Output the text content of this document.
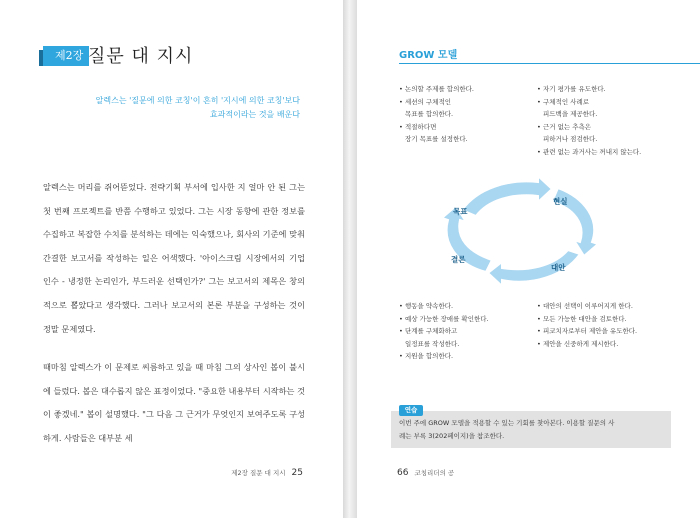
제2장 질문 대 지시
알렉스는 '질문에 의한 코칭'이 흔히 '지시에 의한 코칭'보다
효과적이라는 것을 배운다

알렉스는 머리를 쥐어뜯었다. 전략기획 부서에 입사한 지 얼마 안 된 그는 첫 번째 프로젝트를 반쯤 수행하고 있었다. 그는 시장 동향에 관한 정보를 수집하고 복잡한 수치를 분석하는 데에는 익숙했으나, 회사의 기준에 맞춰 간결한 보고서를 작성하는 일은 어색했다. '아이스크림 시장에서의 기업 인수 - 냉정한 논리인가, 부드러운 선택인가?' 그는 보고서의 제목은 창의적으로 뽑았다고 생각했다. 그러나 보고서의 본론 부분을 구성하는 것이 정말 문제였다.

때마침 알렉스가 이 문제로 씨름하고 있을 때 마침 그의 상사인 봅이 불시에 들렀다. 봅은 대수롭지 않은 표정이었다. "중요한 내용부터 시작하는 것이 좋겠네." 봅이 설명했다. "그 다음 그 근거가 무엇인지 보여주도록 구성하게. 사람들은 대부분 세

제2장 질문 대 지시 25
GROW 모델
• 논의할 주제를 합의한다.
• 세션의 구체적인
목표를 합의한다.
• 적절하다면
장기 목표를 설정한다.
• 자기 평가를 유도한다.
• 구체적인 사례로
피드백을 제공한다.
• 근거 없는 추측은
피하거나 점검한다.
• 관련 없는 과거사는 꺼내지 않는다.
목표
현실
대안
결론
• 행동을 약속한다.
• 예상 가능한 장애를 확인한다.
• 단계를 구체화하고
일정표를 작성한다.
• 지원을 합의한다.
• 대안의 선택이 이루어지게 한다.
• 모든 가능한 대안을 검토한다.
• 피코치자로부터 제안을 유도한다.
• 제안을 신중하게 제시한다.
이번 주에 GROW 모델을 적용할 수 있는 기회를 찾아본다. 이용할 질문의 사
례는 부록 3(202페이지)을 참조한다.
연습
66 코칭리더의 공
